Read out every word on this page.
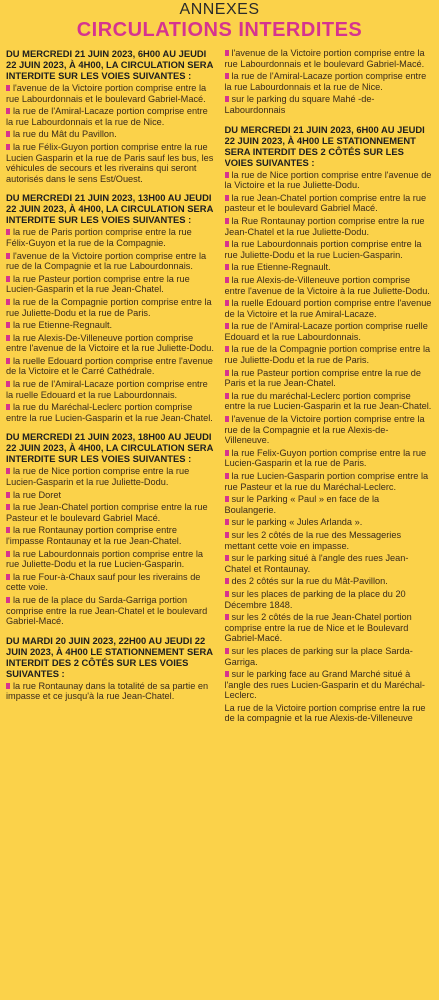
ANNEXES
CIRCULATIONS INTERDITES
DU MERCREDI 21 JUIN 2023, 6H00 AU JEUDI 22 JUIN 2023, À 4H00, LA CIRCULATION SERA INTERDITE SUR LES VOIES SUIVANTES :
l'avenue de la Victoire portion comprise entre la rue Labourdonnais et le boulevard Gabriel-Macé.
la rue de l'Amiral-Lacaze portion comprise entre la rue Labourdonnais et la rue de Nice.
la rue du Mât du Pavillon.
la rue Félix-Guyon portion comprise entre la rue Lucien Gasparin et la rue de Paris sauf les bus, les véhicules de secours et les riverains qui seront autorisés dans le sens Est/Ouest.
DU MERCREDI 21 JUIN 2023, 13H00 AU JEUDI 22 JUIN 2023, À 4H00, LA CIRCULATION SERA INTERDITE SUR LES VOIES SUIVANTES :
la rue de Paris portion comprise entre la rue Félix-Guyon et la rue de la Compagnie.
l'avenue de la Victoire portion comprise entre la rue de la Compagnie et la rue Labourdonnais.
la rue Pasteur portion comprise entre la rue Lucien-Gasparin et la rue Jean-Chatel.
la rue de la Compagnie portion comprise entre la rue Juliette-Dodu et la rue de Paris.
la rue Etienne-Regnault.
la rue Alexis-De-Villeneuve portion comprise entre l'avenue de la Victoire et la rue Juliette-Dodu.
la ruelle Edouard portion comprise entre l'avenue de la Victoire et le Carré Cathédrale.
la rue de l'Amiral-Lacaze portion comprise entre la ruelle Edouard et la rue Labourdonnais.
la rue du Maréchal-Leclerc portion comprise entre la rue Lucien-Gasparin et la rue Jean-Chatel.
DU MERCREDI 21 JUIN 2023, 18H00 AU JEUDI 22 JUIN 2023, À 4H00, LA CIRCULATION SERA INTERDITE SUR LES VOIES SUIVANTES :
la rue de Nice portion comprise entre la rue Lucien-Gasparin et la rue Juliette-Dodu.
la rue Doret
la rue Jean-Chatel portion comprise entre la rue Pasteur et le boulevard Gabriel Macé.
la rue Rontaunay portion comprise entre l'impasse Rontaunay et la rue Jean-Chatel.
la rue Labourdonnais portion comprise entre la rue Juliette-Dodu et la rue Lucien-Gasparin.
la rue Four-à-Chaux sauf pour les riverains de cette voie.
la rue de la place du Sarda-Garriga portion comprise entre la rue Jean-Chatel et le boulevard Gabriel-Macé.
DU MARDI 20 JUIN 2023, 22H00 AU JEUDI 22 JUIN 2023, À 4H00 LE STATIONNEMENT SERA INTERDIT DES 2 CÔTÉS SUR LES VOIES SUIVANTES :
la rue Rontaunay dans la totalité de sa partie en impasse et ce jusqu'à la rue Jean-Chatel.
l'avenue de la Victoire portion comprise entre la rue Labourdonnais et le boulevard Gabriel-Macé.
la rue de l'Amiral-Lacaze portion comprise entre la rue Labourdonnais et la rue de Nice.
sur le parking du square Mahé -de-Labourdonnais
DU MERCREDI 21 JUIN 2023, 6H00 AU JEUDI 22 JUIN 2023, À 4H00 LE STATIONNEMENT SERA INTERDIT DES 2 CÔTÉS SUR LES VOIES SUIVANTES :
la rue de Nice portion comprise entre l'avenue de la Victoire et la rue Juliette-Dodu.
la rue Jean-Chatel portion comprise entre la rue pasteur et le boulevard Gabriel Macé.
la Rue Rontaunay portion comprise entre la rue Jean-Chatel et la rue Juliette-Dodu.
la rue Labourdonnais portion comprise entre la rue Juliette-Dodu et la rue Lucien-Gasparin.
la rue Etienne-Regnault.
la rue Alexis-de-Villeneuve portion comprise entre l'avenue de la Victoire à la rue Juliette-Dodu.
la ruelle Edouard portion comprise entre l'avenue de la Victoire et la rue Amiral-Lacaze.
la rue de l'Amiral-Lacaze portion comprise ruelle Edouard et la rue Labourdonnais.
la rue de la Compagnie portion comprise entre la rue Juliette-Dodu et la rue de Paris.
la rue Pasteur portion comprise entre la rue de Paris et la rue Jean-Chatel.
la rue du maréchal-Leclerc portion comprise entre la rue Lucien-Gasparin et la rue Jean-Chatel.
l'avenue de la Victoire portion comprise entre la rue de la Compagnie et la rue Alexis-de-Villeneuve.
la rue Felix-Guyon portion comprise entre la rue Lucien-Gasparin et la rue de Paris.
la rue Lucien-Gasparin portion comprise entre la rue Pasteur et la rue du Maréchal-Leclerc.
sur le Parking « Paul » en face de la Boulangerie.
sur le parking « Jules Arlanda ».
sur les 2 côtés de la rue des Messageries mettant cette voie en impasse.
sur le parking situé à l'angle des rues Jean-Chatel et Rontaunay.
des 2 côtés sur la rue du Mât-Pavillon.
sur les places de parking de la place du 20 Décembre 1848.
sur les 2 côtés de la rue Jean-Chatel portion comprise entre la rue de Nice et le Boulevard Gabriel-Macé.
sur les places de parking sur la place Sarda-Garriga.
sur le parking face au Grand Marché situé à l'angle des rues Lucien-Gasparin et du Maréchal-Leclerc.
La rue de la Victoire portion comprise entre la rue de la compagnie et la rue Alexis-de-Villeneuve
